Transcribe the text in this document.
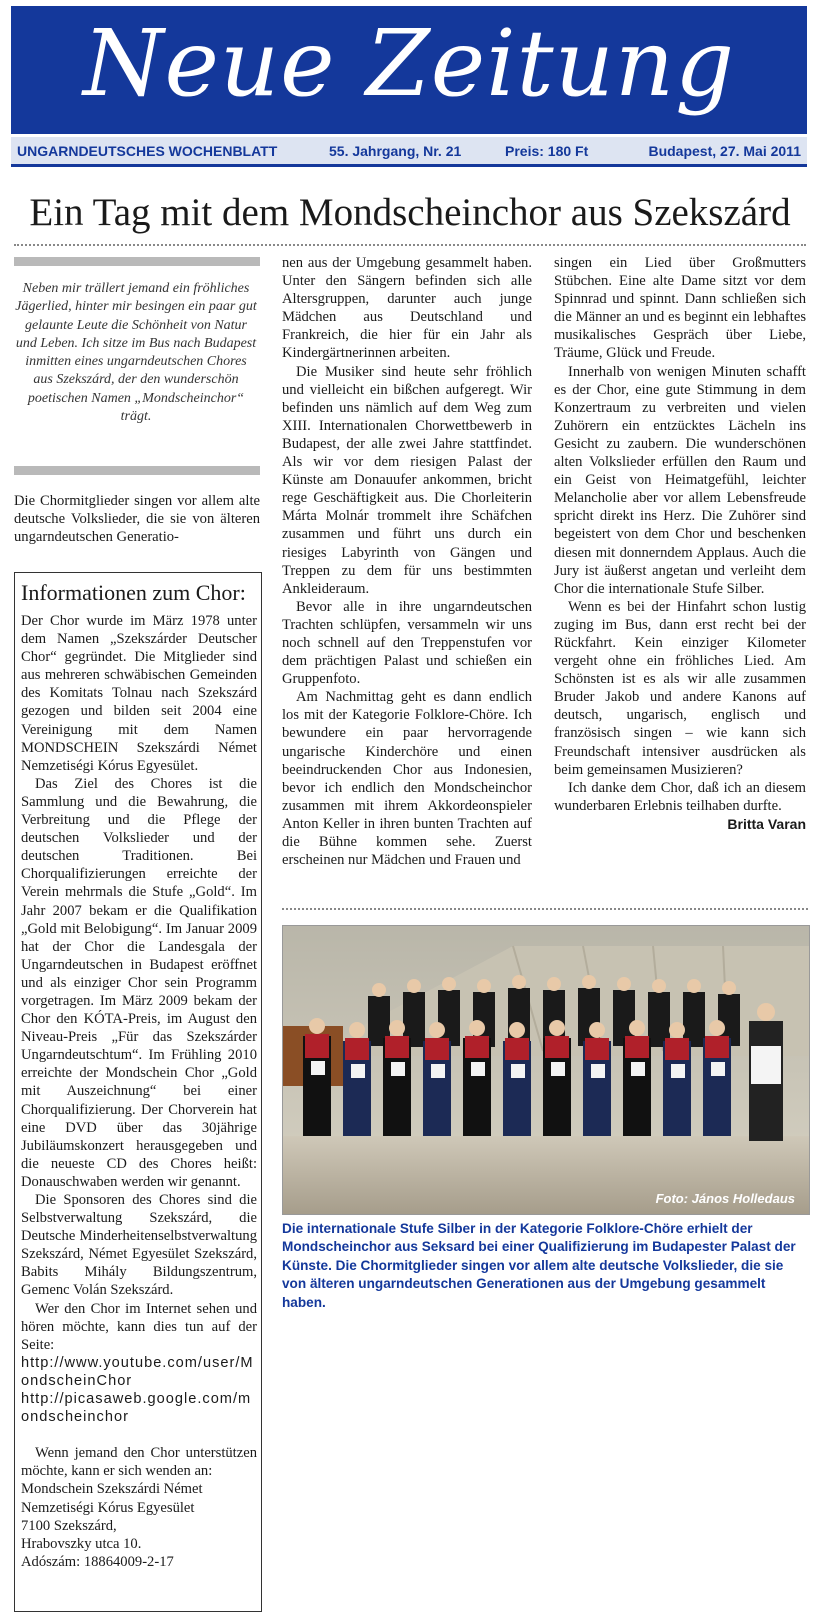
Neue Zeitung
UNGARNDEUTSCHES WOCHENBLATT	55. Jahrgang, Nr. 21	Preis: 180 Ft	Budapest, 27. Mai 2011
Ein Tag mit dem Mondscheinchor aus Szekszárd
Neben mir trällert jemand ein fröhliches Jägerlied, hinter mir besingen ein paar gut gelaunte Leute die Schönheit von Natur und Leben. Ich sitze im Bus nach Budapest inmitten eines ungarndeutschen Chores aus Szekszárd, der den wunderschön poetischen Namen „Mondscheinchor“ trägt.

Die Chormitglieder singen vor allem alte deutsche Volkslieder, die sie von älteren ungarndeutschen Generatio-

Informationen zum Chor:

Der Chor wurde im März 1978 unter dem Namen „Szekszárder Deutscher Chor“ gegründet. Die Mitglieder sind aus mehreren schwäbischen Gemeinden des Komitats Tolnau nach Szekszárd gezogen und bilden seit 2004 eine Vereinigung mit dem Namen MONDSCHEIN Szekszárdi Német Nemzetiségi Kórus Egyesület.

Das Ziel des Chores ist die Sammlung und die Bewahrung, die Verbreitung und die Pflege der deutschen Volkslieder und der deutschen Traditionen. Bei Chorqualifizierungen erreichte der Verein mehrmals die Stufe „Gold“. Im Jahr 2007 bekam er die Qualifikation „Gold mit Belobigung“. Im Januar 2009 hat der Chor die Landesgala der Ungarndeutschen in Budapest eröffnet und als einziger Chor sein Programm vorgetragen. Im März 2009 bekam der Chor den KÓTA-Preis, im August den Niveau-Preis „Für das Szekszárder Ungarndeutschtum“. Im Frühling 2010 erreichte der Mondschein Chor „Gold mit Auszeichnung“ bei einer Chorqualifizierung. Der Chorverein hat eine DVD über das 30jährige Jubiläumskonzert herausgegeben und die neueste CD des Chores heißt: Donauschwaben werden wir genannt.

Die Sponsoren des Chores sind die Selbstverwaltung Szekszárd, die Deutsche Minderheitenselbstverwaltung Szekszárd, Német Egyesület Szekszárd, Babits Mihály Bildungszentrum, Gemenc Volán Szekszárd.

Wer den Chor im Internet sehen und hören möchte, kann dies tun auf der Seite:

http://www.youtube.com/user/MondscheinChor

http://picasaweb.google.com/mondscheinchor

Wenn jemand den Chor unterstützen möchte, kann er sich wenden an:

Mondschein Szekszárdi Német

Nemzetiségi Kórus Egyesület

7100 Szekszárd,

Hrabovszky utca 10.

Adószám: 18864009-2-17

nen aus der Umgebung gesammelt haben. Unter den Sängern befinden sich alle Altersgruppen, darunter auch junge Mädchen aus Deutschland und Frankreich, die hier für ein Jahr als Kindergärtnerinnen arbeiten.

Die Musiker sind heute sehr fröhlich und vielleicht ein bißchen aufgeregt. Wir befinden uns nämlich auf dem Weg zum XIII. Internationalen Chorwettbewerb in Budapest, der alle zwei Jahre stattfindet. Als wir vor dem riesigen Palast der Künste am Donauufer ankommen, bricht rege Geschäftigkeit aus. Die Chorleiterin Márta Molnár trommelt ihre Schäfchen zusammen und führt uns durch ein riesiges Labyrinth von Gängen und Treppen zu dem für uns bestimmten Ankleideraum.

Bevor alle in ihre ungarndeutschen Trachten schlüpfen, versammeln wir uns noch schnell auf den Treppenstufen vor dem prächtigen Palast und schießen ein Gruppenfoto.

Am Nachmittag geht es dann endlich los mit der Kategorie Folklore-Chöre. Ich bewundere ein paar hervorragende ungarische Kinderchöre und einen beeindruckenden Chor aus Indonesien, bevor ich endlich den Mondscheinchor zusammen mit ihrem Akkordeonspieler Anton Keller in ihren bunten Trachten auf die Bühne kommen sehe. Zuerst erscheinen nur Mädchen und Frauen und

singen ein Lied über Großmutters Stübchen. Eine alte Dame sitzt vor dem Spinnrad und spinnt. Dann schließen sich die Männer an und es beginnt ein lebhaftes musikalisches Gespräch über Liebe, Träume, Glück und Freude.

Innerhalb von wenigen Minuten schafft es der Chor, eine gute Stimmung in dem Konzertraum zu verbreiten und vielen Zuhörern ein entzücktes Lächeln ins Gesicht zu zaubern. Die wunderschönen alten Volkslieder erfüllen den Raum und ein Geist von Heimatgefühl, leichter Melancholie aber vor allem Lebensfreude spricht direkt ins Herz. Die Zuhörer sind begeistert von dem Chor und beschenken diesen mit donnerndem Applaus. Auch die Jury ist äußerst angetan und verleiht dem Chor die internationale Stufe Silber.

Wenn es bei der Hinfahrt schon lustig zuging im Bus, dann erst recht bei der Rückfahrt. Kein einziger Kilometer vergeht ohne ein fröhliches Lied. Am Schönsten ist es als wir alle zusammen Bruder Jakob und andere Kanons auf deutsch, ungarisch, englisch und französisch singen – wie kann sich Freundschaft intensiver ausdrücken als beim gemeinsamen Musizieren?

Ich danke dem Chor, daß ich an diesem wunderbaren Erlebnis teilhaben durfte.
Britta Varan

Foto: János Holledaus
Die internationale Stufe Silber in der Kategorie Folklore-Chöre erhielt der Mondscheinchor aus Seksard bei einer Qualifizierung im Budapester Palast der Künste. Die Chormitglieder singen vor allem alte deutsche Volkslieder, die sie von älteren ungarndeutschen Generationen aus der Umgebung gesammelt haben.
